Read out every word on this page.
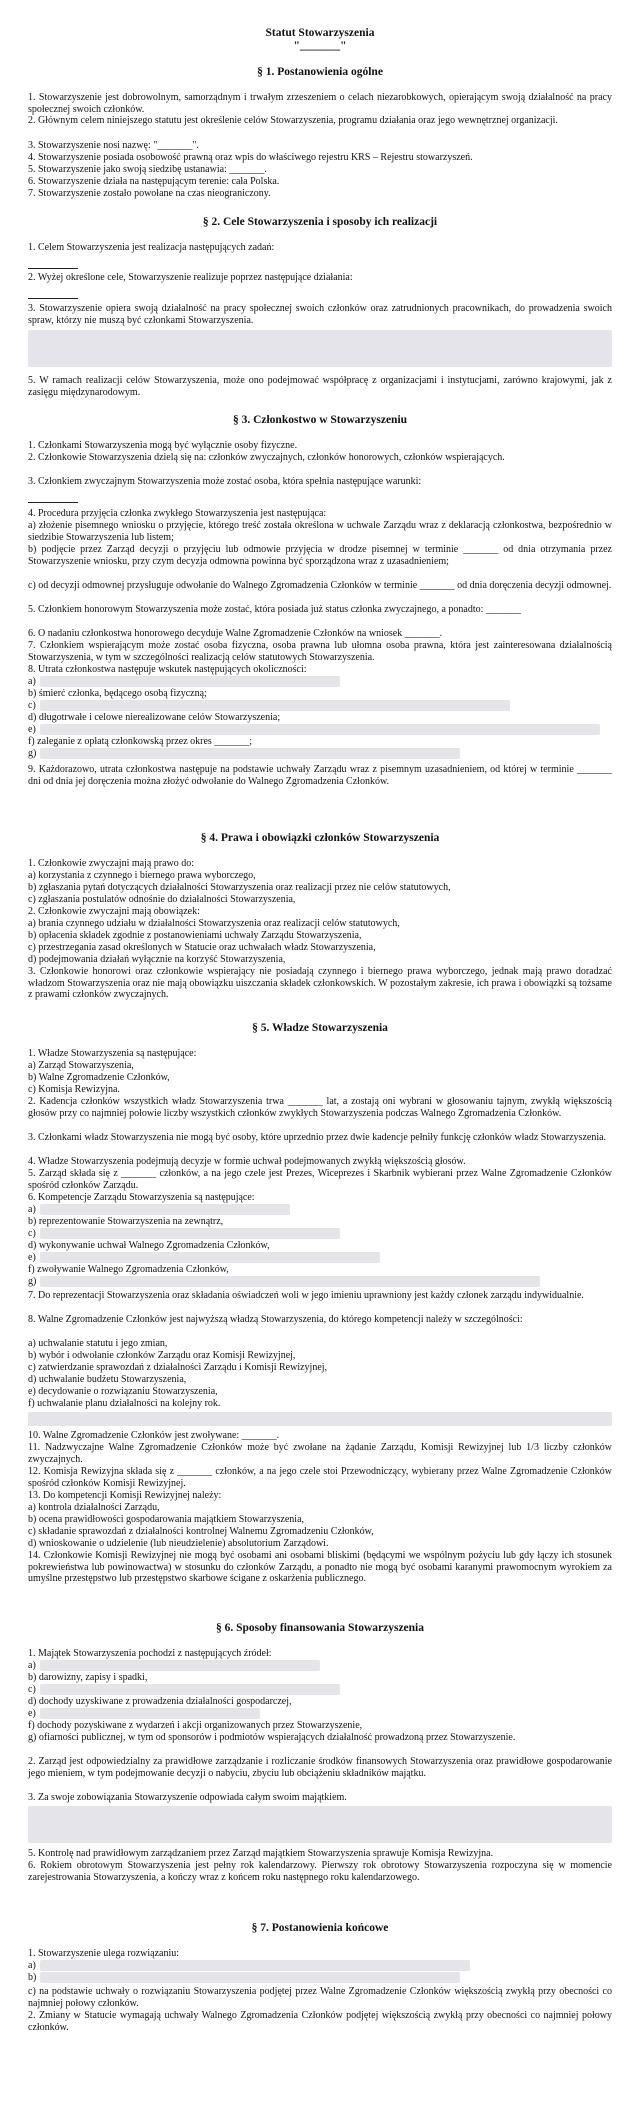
Statut Stowarzyszenia
"_______"
§ 1. Postanowienia ogólne
1. Stowarzyszenie jest dobrowolnym, samorządnym i trwałym zrzeszeniem o celach niezarobkowych, opierającym swoją działalność na pracy społecznej swoich członków.
2. Głównym celem niniejszego statutu jest określenie celów Stowarzyszenia, programu działania oraz jego wewnętrznej organizacji.
3. Stowarzyszenie nosi nazwę: "_______".
4. Stowarzyszenie posiada osobowość prawną oraz wpis do właściwego rejestru KRS – Rejestru stowarzyszeń.
5. Stowarzyszenie jako swoją siedzibę ustanawia: _______.
6. Stowarzyszenie działa na następującym terenie: cała Polska.
7. Stowarzyszenie zostało powołane na czas nieograniczony.
§ 2. Cele Stowarzyszenia i sposoby ich realizacji
1. Celem Stowarzyszenia jest realizacja następujących zadań:
2. Wyżej określone cele, Stowarzyszenie realizuje poprzez następujące działania:
3. Stowarzyszenie opiera swoją działalność na pracy społecznej swoich członków oraz zatrudnionych pracownikach, do prowadzenia swoich spraw, którzy nie muszą być członkami Stowarzyszenia.
5. W ramach realizacji celów Stowarzyszenia, może ono podejmować współpracę z organizacjami i instytucjami, zarówno krajowymi, jak z zasięgu międzynarodowym.
§ 3. Członkostwo w Stowarzyszeniu
1. Członkami Stowarzyszenia mogą być wyłącznie osoby fizyczne.
2. Członkowie Stowarzyszenia dzielą się na: członków zwyczajnych, członków honorowych, członków wspierających.
3. Członkiem zwyczajnym Stowarzyszenia może zostać osoba, która spełnia następujące warunki:
4. Procedura przyjęcia członka zwykłego Stowarzyszenia jest następująca:
a) złożenie pisemnego wniosku o przyjęcie, którego treść została określona w uchwale Zarządu wraz z deklaracją członkostwa, bezpośrednio w siedzibie Stowarzyszenia lub listem;
b) podjęcie przez Zarząd decyzji o przyjęciu lub odmowie przyjęcia w drodze pisemnej w terminie _______ od dnia otrzymania przez Stowarzyszenie wniosku, przy czym decyzja odmowna powinna być sporządzona wraz z uzasadnieniem;
c) od decyzji odmownej przysługuje odwołanie do Walnego Zgromadzenia Członków w terminie _______ od dnia doręczenia decyzji odmownej.
5. Członkiem honorowym Stowarzyszenia może zostać, która posiada już status członka zwyczajnego, a ponadto: _______
6. O nadaniu członkostwa honorowego decyduje Walne Zgromadzenie Członków na wniosek _______.
7. Członkiem wspierającym może zostać osoba fizyczna, osoba prawna lub ułomna osoba prawna, która jest zainteresowana działalnością Stowarzyszenia, w tym w szczególności realizacją celów statutowych Stowarzyszenia.
8. Utrata członkostwa następuje wskutek następujących okoliczności:
a)
b) śmierć członka, będącego osobą fizyczną;
c)
d) długotrwałe i celowe nierealizowane celów Stowarzyszenia;
e)
f) zaleganie z opłatą członkowską przez okres _______;
g)
9. Każdorazowo, utrata członkostwa następuje na podstawie uchwały Zarządu wraz z pisemnym uzasadnieniem, od której w terminie _______ dni od dnia jej doręczenia można złożyć odwołanie do Walnego Zgromadzenia Członków.
§ 4. Prawa i obowiązki członków Stowarzyszenia
1. Członkowie zwyczajni mają prawo do:
a) korzystania z czynnego i biernego prawa wyborczego,
b) zgłaszania pytań dotyczących działalności Stowarzyszenia oraz realizacji przez nie celów statutowych,
c) zgłaszania postulatów odnośnie do działalności Stowarzyszenia,
2. Członkowie zwyczajni mają obowiązek:
a) brania czynnego udziału w działalności Stowarzyszenia oraz realizacji celów statutowych,
b) opłacenia składek zgodnie z postanowieniami uchwały Zarządu Stowarzyszenia,
c) przestrzegania zasad określonych w Statucie oraz uchwałach władz Stowarzyszenia,
d) podejmowania działań wyłącznie na korzyść Stowarzyszenia,
3. Członkowie honorowi oraz członkowie wspierający nie posiadają czynnego i biernego prawa wyborczego, jednak mają prawo doradzać władzom Stowarzyszenia oraz nie mają obowiązku uiszczania składek członkowskich. W pozostałym zakresie, ich prawa i obowiązki są tożsame z prawami członków zwyczajnych.
§ 5. Władze Stowarzyszenia
1. Władze Stowarzyszenia są następujące:
a) Zarząd Stowarzyszenia,
b) Walne Zgromadzenie Członków,
c) Komisja Rewizyjna.
2. Kadencja członków wszystkich władz Stowarzyszenia trwa _______ lat, a zostają oni wybrani w głosowaniu tajnym, zwykłą większością głosów przy co najmniej połowie liczby wszystkich członków zwykłych Stowarzyszenia podczas Walnego Zgromadzenia Członków.
3. Członkami władz Stowarzyszenia nie mogą być osoby, które uprzednio przez dwie kadencje pełniły funkcję członków władz Stowarzyszenia.
4. Władze Stowarzyszenia podejmują decyzje w formie uchwał podejmowanych zwykłą większością głosów.
5. Zarząd składa się z _______ członków, a na jego czele jest Prezes, Wiceprezes i Skarbnik wybierani przez Walne Zgromadzenie Członków spośród członków Zarządu.
6. Kompetencje Zarządu Stowarzyszenia są następujące:
a)
b) reprezentowanie Stowarzyszenia na zewnątrz,
c)
d) wykonywanie uchwał Walnego Zgromadzenia Członków,
e)
f) zwoływanie Walnego Zgromadzenia Członków,
g)
7. Do reprezentacji Stowarzyszenia oraz składania oświadczeń woli w jego imieniu uprawniony jest każdy członek zarządu indywidualnie.
8. Walne Zgromadzenie Członków jest najwyższą władzą Stowarzyszenia, do którego kompetencji należy w szczególności:
a) uchwalanie statutu i jego zmian,
b) wybór i odwołanie członków Zarządu oraz Komisji Rewizyjnej,
c) zatwierdzanie sprawozdań z działalności Zarządu i Komisji Rewizyjnej,
d) uchwalanie budżetu Stowarzyszenia,
e) decydowanie o rozwiązaniu Stowarzyszenia,
f) uchwalanie planu działalności na kolejny rok.
10. Walne Zgromadzenie Członków jest zwoływane: _______.
11. Nadzwyczajne Walne Zgromadzenie Członków może być zwołane na żądanie Zarządu, Komisji Rewizyjnej lub 1/3 liczby członków zwyczajnych.
12. Komisja Rewizyjna składa się z _______ członków, a na jego czele stoi Przewodniczący, wybierany przez Walne Zgromadzenie Członków spośród członków Komisji Rewizyjnej.
13. Do kompetencji Komisji Rewizyjnej należy:
a) kontrola działalności Zarządu,
b) ocena prawidłowości gospodarowania majątkiem Stowarzyszenia,
c) składanie sprawozdań z działalności kontrolnej Walnemu Zgromadzeniu Członków,
d) wnioskowanie o udzielenie (lub nieudzielenie) absolutorium Zarządowi.
14. Członkowie Komisji Rewizyjnej nie mogą być osobami ani osobami bliskimi (będącymi we wspólnym pożyciu lub gdy łączy ich stosunek pokrewieństwa lub powinowactwa) w stosunku do członków Zarządu, a ponadto nie mogą być osobami karanymi prawomocnym wyrokiem za umyślne przestępstwo lub przestępstwo skarbowe ścigane z oskarżenia publicznego.
§ 6. Sposoby finansowania Stowarzyszenia
1. Majątek Stowarzyszenia pochodzi z następujących źródeł:
a)
b) darowizny, zapisy i spadki,
c)
d) dochody uzyskiwane z prowadzenia działalności gospodarczej,
e)
f) dochody pozyskiwane z wydarzeń i akcji organizowanych przez Stowarzyszenie,
g) ofiarności publicznej, w tym od sponsorów i podmiotów wspierających działalność prowadzoną przez Stowarzyszenie.
2. Zarząd jest odpowiedzialny za prawidłowe zarządzanie i rozliczanie środków finansowych Stowarzyszenia oraz prawidłowe gospodarowanie jego mieniem, w tym podejmowanie decyzji o nabyciu, zbyciu lub obciążeniu składników majątku.
3. Za swoje zobowiązania Stowarzyszenie odpowiada całym swoim majątkiem.
5. Kontrolę nad prawidłowym zarządzaniem przez Zarząd majątkiem Stowarzyszenia sprawuje Komisja Rewizyjna.
6. Rokiem obrotowym Stowarzyszenia jest pełny rok kalendarzowy. Pierwszy rok obrotowy Stowarzyszenia rozpoczyna się w momencie zarejestrowania Stowarzyszenia, a kończy wraz z końcem roku następnego roku kalendarzowego.
§ 7. Postanowienia końcowe
1. Stowarzyszenie ulega rozwiązaniu:
a)
b)
c) na podstawie uchwały o rozwiązaniu Stowarzyszenia podjętej przez Walne Zgromadzenie Członków większością zwykłą przy obecności co najmniej połowy członków.
2. Zmiany w Statucie wymagają uchwały Walnego Zgromadzenia Członków podjętej większością zwykłą przy obecności co najmniej połowy członków.
